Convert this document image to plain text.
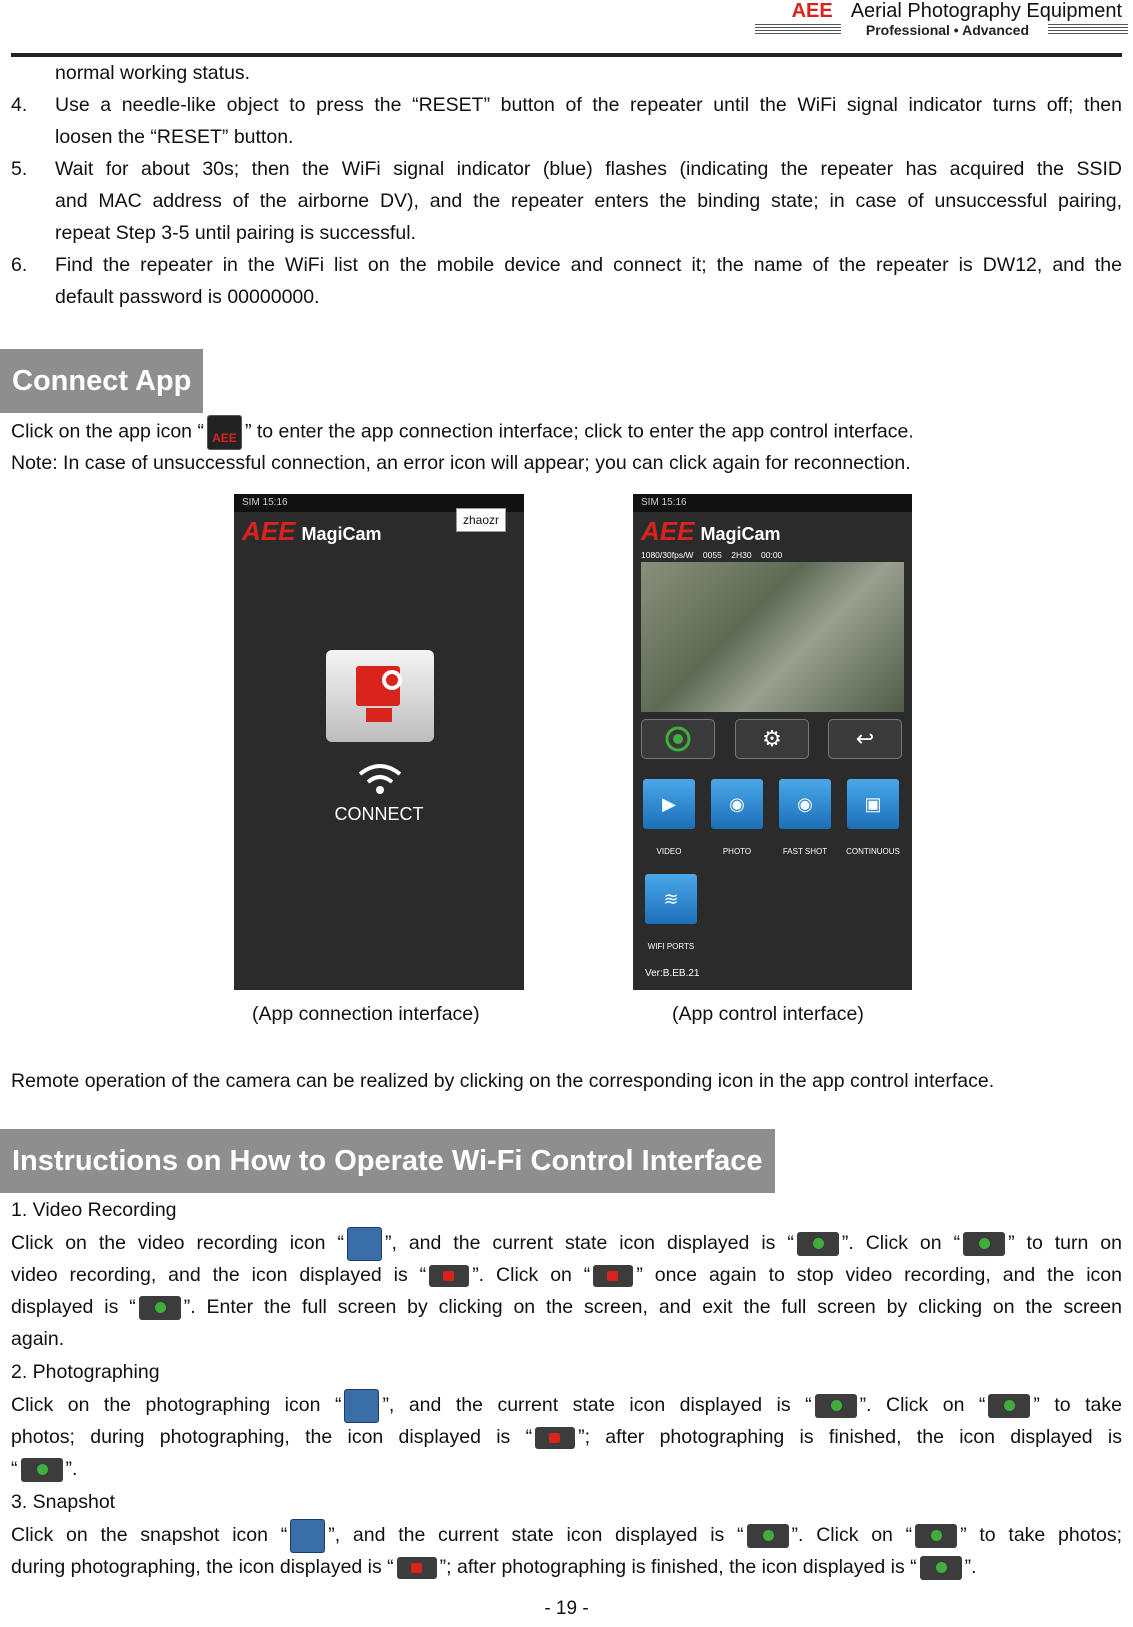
AEE Aerial Photography Equipment
Professional • Advanced

normal working status.

4.	Use a needle-like object to press the “RESET” button of the repeater until the WiFi signal indicator turns off; then

loosen the “RESET” button.

5.	Wait for about 30s; then the WiFi signal indicator (blue) flashes (indicating the repeater has acquired the SSID

and MAC address of the airborne DV), and the repeater enters the binding state; in case of unsuccessful pairing,

repeat Step 3-5 until pairing is successful.

6.	Find the repeater in the WiFi list on the mobile device and connect it; the name of the repeater is DW12, and the

default password is 00000000.

Connect App

Click on the app icon “ AEE ” to enter the app connection interface; click to enter the app control interface.

Note: In case of unsuccessful connection, an error icon will appear; you can click again for reconnection.

SIM 15:16
AEE MagiCam
zhaozr
CONNECT
(App connection interface)
SIM 15:16
AEE MagiCam
1080/30fps/W    0055    2H30    00:00
⚙	↩
▶	◉	◉	▣
VIDEO	PHOTO	FAST SHOT	CONTINUOUS
≋
WIFI PORTS
Ver:B.EB.21
(App control interface)

Remote operation of the camera can be realized by clicking on the corresponding icon in the app control interface.

Instructions on How to Operate Wi-Fi Control Interface

1. Video Recording

Click on the video recording icon “ ”, and the current state icon displayed is “ ”. Click on “ ” to turn on

video recording, and the icon displayed is “ ”. Click on “ ” once again to stop video recording, and the icon

displayed is “ ”. Enter the full screen by clicking on the screen, and exit the full screen by clicking on the screen

again.

2. Photographing

Click on the photographing icon “ ”, and the current state icon displayed is “ ”. Click on “ ” to take

photos; during photographing, the icon displayed is “ ”; after photographing is finished, the icon displayed is

“ ”.

3. Snapshot

Click on the snapshot icon “ ”, and the current state icon displayed is “ ”. Click on “ ” to take photos;

during photographing, the icon displayed is “ ”; after photographing is finished, the icon displayed is “ ”.

- 19 -
